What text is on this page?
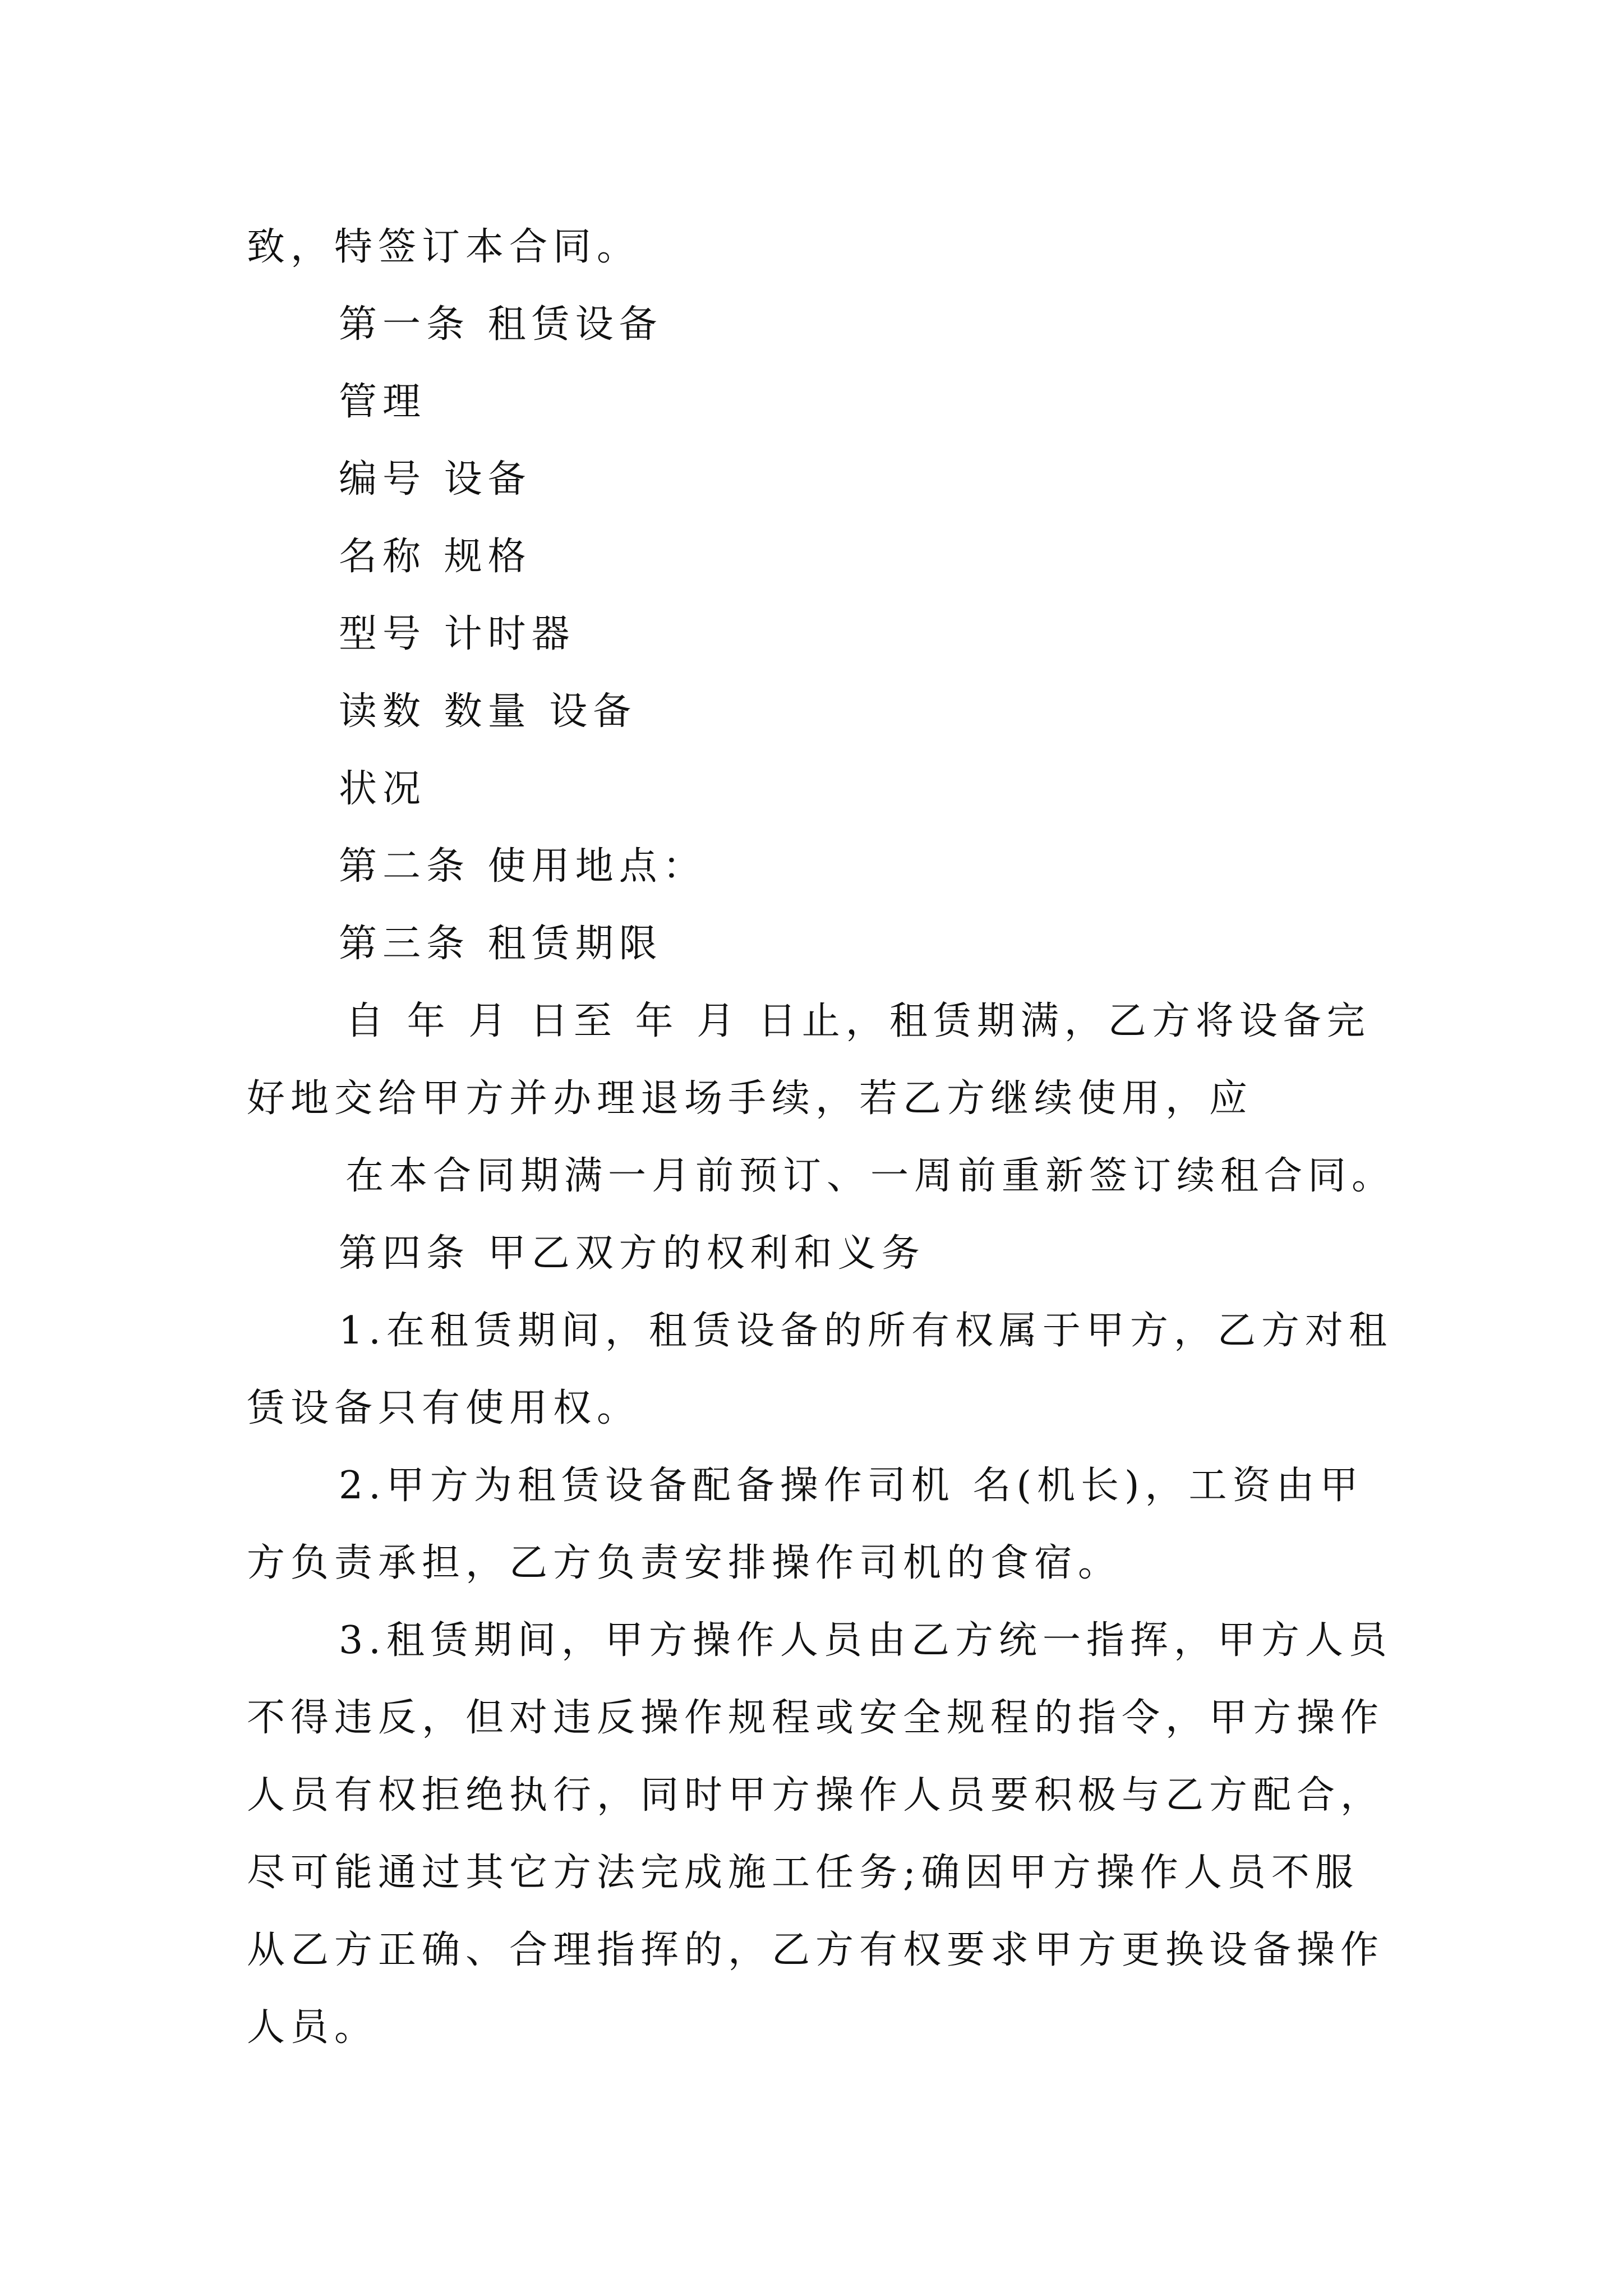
致，特签订本合同。
第一条 租赁设备
管理
编号 设备
名称 规格
型号 计时器
读数 数量 设备
状况
第二条 使用地点：
第三条 租赁期限
自 年 月 日至 年 月 日止，租赁期满，乙方将设备完
好地交给甲方并办理退场手续，若乙方继续使用，应
在本合同期满一月前预订、一周前重新签订续租合同。
第四条 甲乙双方的权利和义务
1.在租赁期间，租赁设备的所有权属于甲方，乙方对租
赁设备只有使用权。
2.甲方为租赁设备配备操作司机 名(机长)，工资由甲
方负责承担，乙方负责安排操作司机的食宿。
3.租赁期间，甲方操作人员由乙方统一指挥，甲方人员
不得违反，但对违反操作规程或安全规程的指令，甲方操作
人员有权拒绝执行，同时甲方操作人员要积极与乙方配合，
尽可能通过其它方法完成施工任务;确因甲方操作人员不服
从乙方正确、合理指挥的，乙方有权要求甲方更换设备操作
人员。
